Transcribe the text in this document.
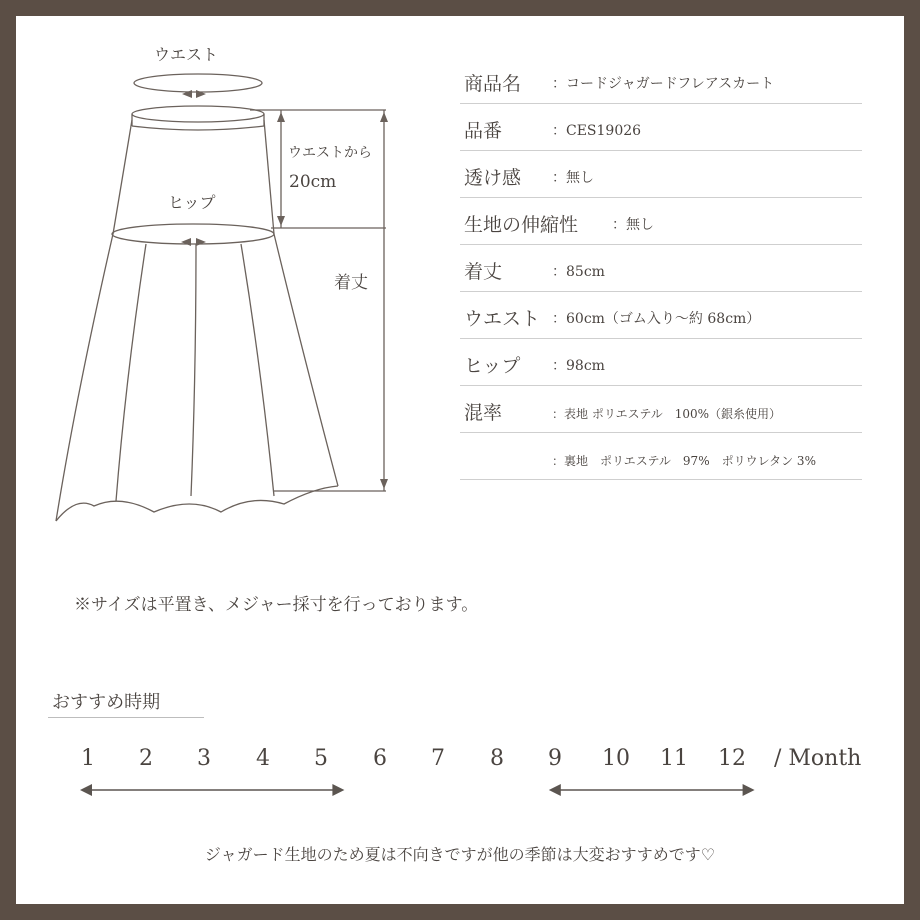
ウエスト
ヒップ
ウエストから
20cm
着丈
商品名 ：コードジャガードフレアスカート
品番	：CES19026
透け感 ：無し
生地の伸縮性 ：無し
着丈	：85cm
ウエスト ：60cm（ゴム入り～約 68cm）
ヒップ ：98cm
混率	：表地 ポリエステル　100%（銀糸使用）
：裏地　ポリエステル　97%　ポリウレタン 3%
※サイズは平置き、メジャー採寸を行っております。
おすすめ時期
1	2	3	4	5	6	7	8	9	10 11 12 / Month
ジャガード生地のため夏は不向きですが他の季節は大変おすすめです♡
